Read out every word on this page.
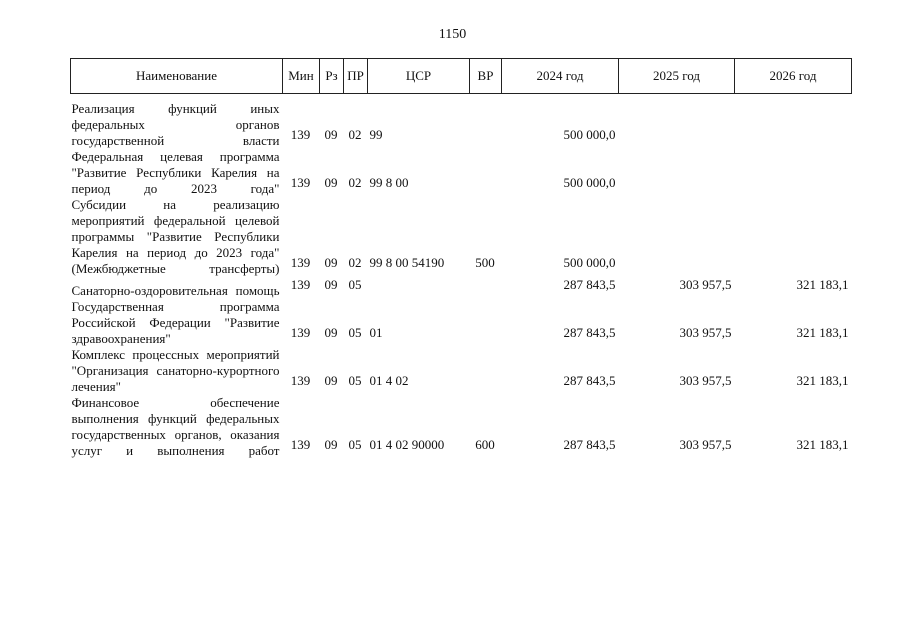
1150
Наименование	Мин	Рз	ПР	ЦСР	ВР	2024 год	2025 год	2026 год

Реализация функций иных федеральных органов государственной власти	139	09	02	99		500 000,0		

Федеральная целевая программа "Развитие Республики Карелия на период до 2023 года"	139	09	02	99 8 00		500 000,0		

Субсидии на реализацию мероприятий федеральной целевой программы "Развитие Республики Карелия на период до 2023 года" (Межбюджетные трансферты)	139	09	02	99 8 00 54190	500	500 000,0		

Санаторно-оздоровительная помощь	139	09	05			287 843,5	303 957,5	321 183,1

Государственная программа Российской Федерации "Развитие здравоохранения"	139	09	05	01		287 843,5	303 957,5	321 183,1

Комплекс процессных мероприятий "Организация санаторно-курортного лечения"	139	09	05	01 4 02		287 843,5	303 957,5	321 183,1

Финансовое обеспечение выполнения функций федеральных государственных органов, оказания услуг и выполнения работ	139	09	05	01 4 02 90000	600	287 843,5	303 957,5	321 183,1
